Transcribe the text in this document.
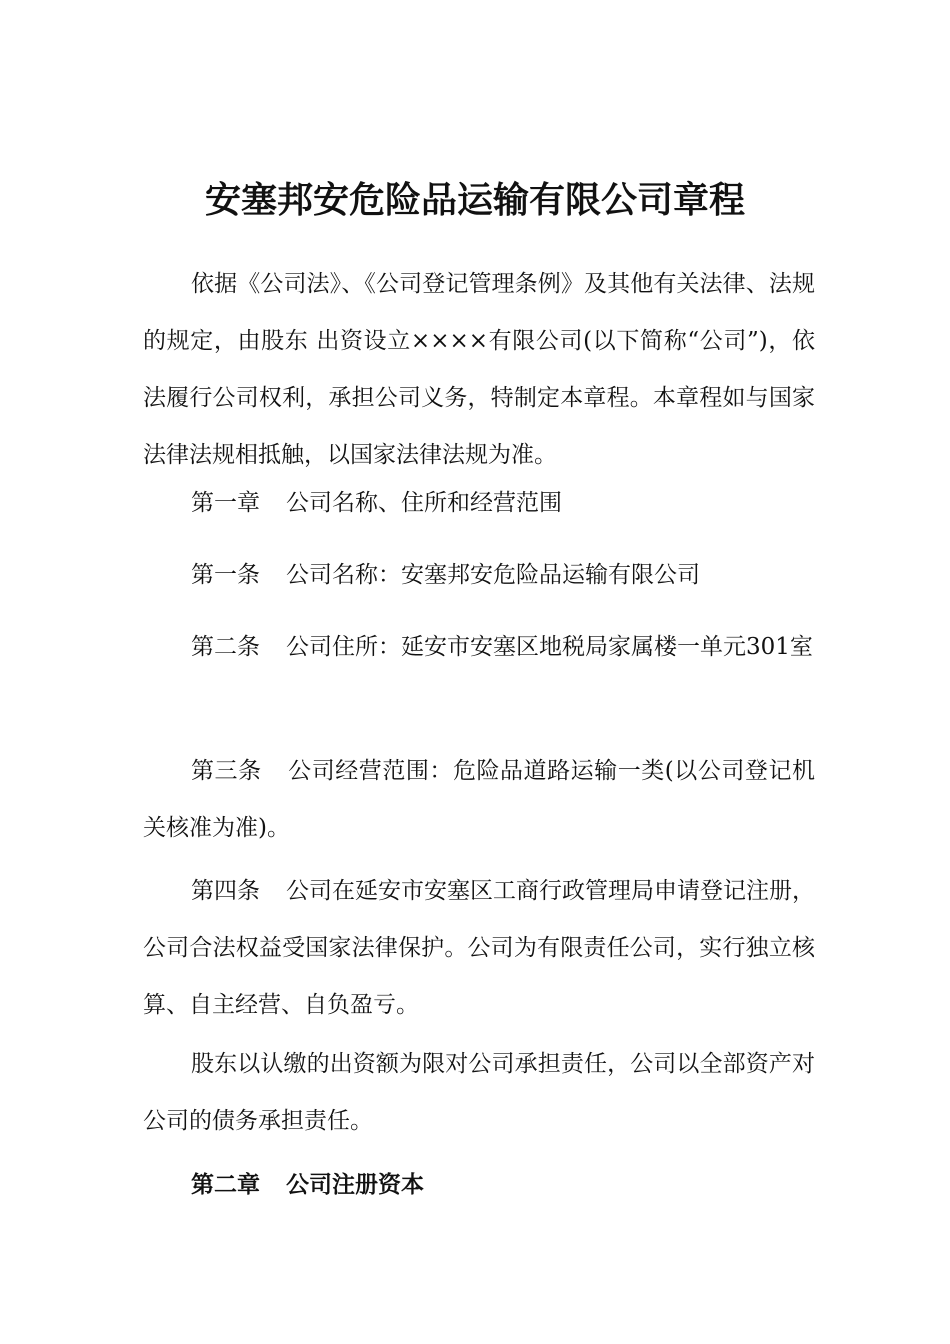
安塞邦安危险品运输有限公司章程

依据《公司法》、《公司登记管理条例》及其他有关法律、法规的规定，由股东 出资设立××××有限公司(以下简称“公司”)，依法履行公司权利，承担公司义务，特制定本章程。本章程如与国家法律法规相抵触，以国家法律法规为准。

第一章 公司名称、住所和经营范围

第一条 公司名称：安塞邦安危险品运输有限公司

第二条 公司住所：延安市安塞区地税局家属楼一单元301室

第三条 公司经营范围：危险品道路运输一类(以公司登记机关核准为准)。

第四条 公司在延安市安塞区工商行政管理局申请登记注册，公司合法权益受国家法律保护。公司为有限责任公司，实行独立核算、自主经营、自负盈亏。

股东以认缴的出资额为限对公司承担责任，公司以全部资产对公司的债务承担责任。

第二章 公司注册资本
